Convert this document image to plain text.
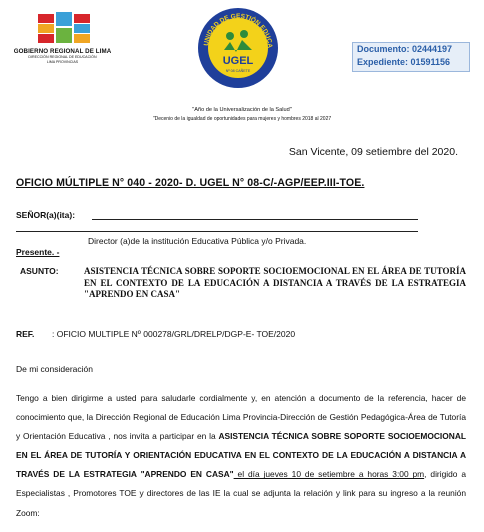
GOBIERNO REGIONAL DE LIMA
DIRECCIÓN REGIONAL DE EDUCACIÓN
LIMA PROVINCIAS
UNIDAD DE GESTIÓN EDUCA
UGEL
Nº 08 CAÑETE
Documento: 02444197
Expediente: 01591156
"Año de la Universalización de la Salud"
"Decenio de la igualdad de oportunidades para mujeres y hombres 2018 al 2027
San Vicente, 09 setiembre del 2020.
OFICIO MÚLTIPLE N° 040 - 2020- D. UGEL N° 08-C/-AGP/EEP.III-TOE.
SEÑOR(a)(ita):
Director (a)de la institución Educativa Pública y/o Privada.
Presente. -
ASUNTO:	ASISTENCIA TÉCNICA SOBRE SOPORTE SOCIOEMOCIONAL EN EL ÁREA DE TUTORÍA EN EL CONTEXTO DE LA EDUCACIÓN A DISTANCIA A TRAVÉS DE LA ESTRATEGIA "APRENDO EN CASA"
REF. : OFICIO MULTIPLE Nº 000278/GRL/DRELP/DGP-E- TOE/2020
De mi consideración
Tengo a bien dirigirme a usted para saludarle cordialmente y, en atención a documento de la referencia, hacer de conocimiento que, la Dirección Regional de Educación Lima Provincia-Dirección de Gestión Pedagógica-Área de Tutoría y Orientación Educativa , nos invita a participar en la ASISTENCIA TÉCNICA SOBRE SOPORTE SOCIOEMOCIONAL EN EL ÁREA DE TUTORÍA Y ORIENTACIÓN EDUCATIVA EN EL CONTEXTO DE LA EDUCACIÓN A DISTANCIA A TRAVÉS DE LA ESTRATEGIA "APRENDO EN CASA" el día jueves 10 de setiembre a horas 3:00 pm, dirigido a Especialistas , Promotores TOE y directores de las IE la cual se adjunta la relación y link para su ingreso a la reunión Zoom:
